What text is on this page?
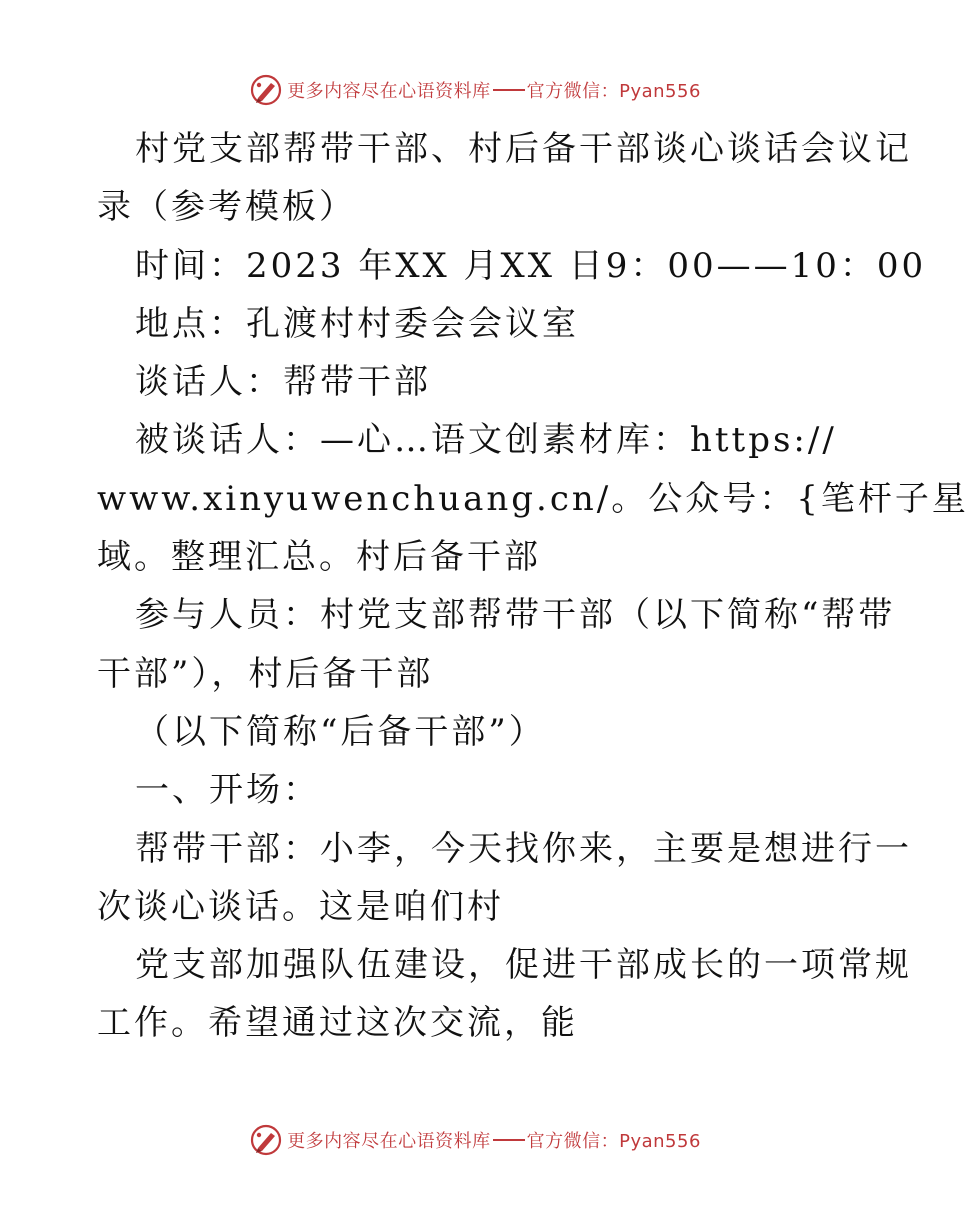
更多内容尽在心语资料库 官方微信：Pyan556
村党支部帮带干部、村后备干部谈心谈话会议记
录（参考模板）
时间：2023 年XX 月XX 日9：00——10：00
地点：孔渡村村委会会议室
谈话人：帮带干部
被谈话人：—心…语文创素材库：https://
www.xinyuwenchuang.cn/。公众号：{笔杆子星
域。整理汇总。村后备干部
参与人员：村党支部帮带干部（以下简称“帮带
干部”），村后备干部
（以下简称“后备干部”）
一、开场：
帮带干部：小李，今天找你来，主要是想进行一
次谈心谈话。这是咱们村
党支部加强队伍建设，促进干部成长的一项常规
工作。希望通过这次交流，能
更多内容尽在心语资料库 官方微信：Pyan556
